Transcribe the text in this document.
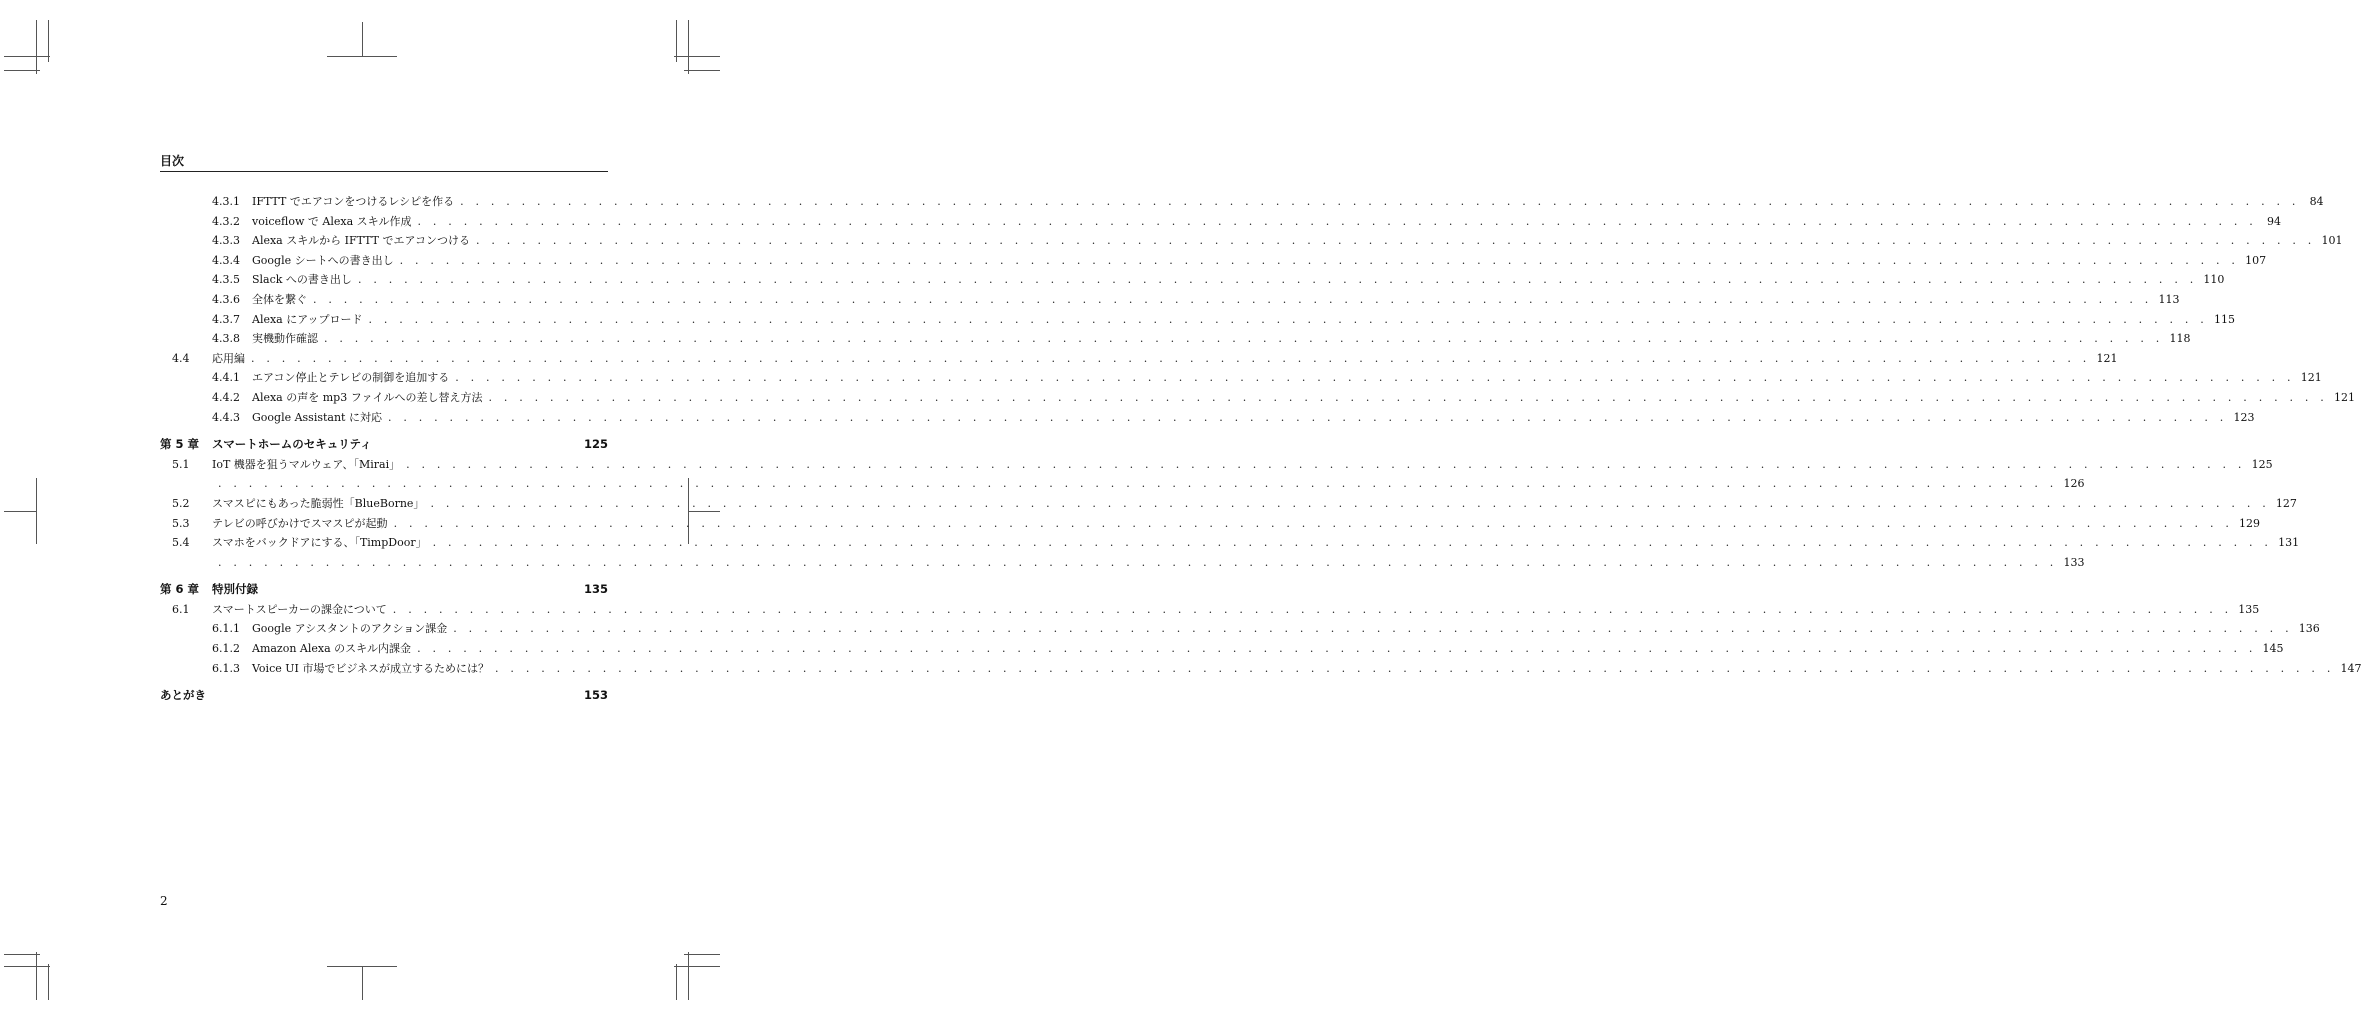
目次
4.3.1 IFTTT でエアコンをつけるレシピを作る . . . . . . . . . . . . . . . . . . . . . . . . . . . . . . . . . . . . . . . . . . . . . . . . . . . . . . . . . . . . . . . . . . . . . . . . . . . . . . . . . . . . . . . . . . . . . . . . . . . . . . . . . . . . . . . . . . . . . . . . 84
4.3.2 voiceflow で Alexa スキル作成 . . . . . . . . . . . . . . . . . . . . . . . . . . . . . . . . . . . . . . . . . . . . . . . . . . . . . . . . . . . . . . . . . . . . . . . . . . . . . . . . . . . . . . . . . . . . . . . . . . . . . . . . . . . . . . . . . . . . . . . . 94
4.3.3 Alexa スキルから IFTTT でエアコンつける . . . . . . . . . . . . . . . . . . . . . . . . . . . . . . . . . . . . . . . . . . . . . . . . . . . . . . . . . . . . . . . . . . . . . . . . . . . . . . . . . . . . . . . . . . . . . . . . . . . . . . . . . . . . . . . . . . . . . . . . 101
4.3.4 Google シートへの書き出し . . . . . . . . . . . . . . . . . . . . . . . . . . . . . . . . . . . . . . . . . . . . . . . . . . . . . . . . . . . . . . . . . . . . . . . . . . . . . . . . . . . . . . . . . . . . . . . . . . . . . . . . . . . . . . . . . . . . . . . . 107
4.3.5 Slack への書き出し . . . . . . . . . . . . . . . . . . . . . . . . . . . . . . . . . . . . . . . . . . . . . . . . . . . . . . . . . . . . . . . . . . . . . . . . . . . . . . . . . . . . . . . . . . . . . . . . . . . . . . . . . . . . . . . . . . . . . . . . 110
4.3.6 全体を繋ぐ . . . . . . . . . . . . . . . . . . . . . . . . . . . . . . . . . . . . . . . . . . . . . . . . . . . . . . . . . . . . . . . . . . . . . . . . . . . . . . . . . . . . . . . . . . . . . . . . . . . . . . . . . . . . . . . . . . . . . . . . 113
4.3.7 Alexa にアップロード . . . . . . . . . . . . . . . . . . . . . . . . . . . . . . . . . . . . . . . . . . . . . . . . . . . . . . . . . . . . . . . . . . . . . . . . . . . . . . . . . . . . . . . . . . . . . . . . . . . . . . . . . . . . . . . . . . . . . . . . 115
4.3.8 実機動作確認 . . . . . . . . . . . . . . . . . . . . . . . . . . . . . . . . . . . . . . . . . . . . . . . . . . . . . . . . . . . . . . . . . . . . . . . . . . . . . . . . . . . . . . . . . . . . . . . . . . . . . . . . . . . . . . . . . . . . . . . . 118
4.4 応用編 . . . . . . . . . . . . . . . . . . . . . . . . . . . . . . . . . . . . . . . . . . . . . . . . . . . . . . . . . . . . . . . . . . . . . . . . . . . . . . . . . . . . . . . . . . . . . . . . . . . . . . . . . . . . . . . . . . . . . . . . 121
4.4.1 エアコン停止とテレビの制御を追加する . . . . . . . . . . . . . . . . . . . . . . . . . . . . . . . . . . . . . . . . . . . . . . . . . . . . . . . . . . . . . . . . . . . . . . . . . . . . . . . . . . . . . . . . . . . . . . . . . . . . . . . . . . . . . . . . . . . . . . . . 121
4.4.2 Alexa の声を mp3 ファイルへの差し替え方法 . . . . . . . . . . . . . . . . . . . . . . . . . . . . . . . . . . . . . . . . . . . . . . . . . . . . . . . . . . . . . . . . . . . . . . . . . . . . . . . . . . . . . . . . . . . . . . . . . . . . . . . . . . . . . . . . . . . . . . . . 121
4.4.3 Google Assistant に対応 . . . . . . . . . . . . . . . . . . . . . . . . . . . . . . . . . . . . . . . . . . . . . . . . . . . . . . . . . . . . . . . . . . . . . . . . . . . . . . . . . . . . . . . . . . . . . . . . . . . . . . . . . . . . . . . . . . . . . . . . 123
第 5 章 スマートホームのセキュリティ	125
5.1 IoT 機器を狙うマルウェア、「Mirai」 . . . . . . . . . . . . . . . . . . . . . . . . . . . . . . . . . . . . . . . . . . . . . . . . . . . . . . . . . . . . . . . . . . . . . . . . . . . . . . . . . . . . . . . . . . . . . . . . . . . . . . . . . . . . . . . . . . . . . . . . 125
. . . . . . . . . . . . . . . . . . . . . . . . . . . . . . . . . . . . . . . . . . . . . . . . . . . . . . . . . . . . . . . . . . . . . . . . . . . . . . . . . . . . . . . . . . . . . . . . . . . . . . . . . . . . . . . . . . . . . . . . 126
5.2 スマスピにもあった脆弱性「BlueBorne」 . . . . . . . . . . . . . . . . . . . . . . . . . . . . . . . . . . . . . . . . . . . . . . . . . . . . . . . . . . . . . . . . . . . . . . . . . . . . . . . . . . . . . . . . . . . . . . . . . . . . . . . . . . . . . . . . . . . . . . . . 127
5.3 テレビの呼びかけでスマスピが起動 . . . . . . . . . . . . . . . . . . . . . . . . . . . . . . . . . . . . . . . . . . . . . . . . . . . . . . . . . . . . . . . . . . . . . . . . . . . . . . . . . . . . . . . . . . . . . . . . . . . . . . . . . . . . . . . . . . . . . . . . 129
5.4 スマホをバックドアにする、「TimpDoor」 . . . . . . . . . . . . . . . . . . . . . . . . . . . . . . . . . . . . . . . . . . . . . . . . . . . . . . . . . . . . . . . . . . . . . . . . . . . . . . . . . . . . . . . . . . . . . . . . . . . . . . . . . . . . . . . . . . . . . . . . 131
. . . . . . . . . . . . . . . . . . . . . . . . . . . . . . . . . . . . . . . . . . . . . . . . . . . . . . . . . . . . . . . . . . . . . . . . . . . . . . . . . . . . . . . . . . . . . . . . . . . . . . . . . . . . . . . . . . . . . . . . 133
第 6 章 特別付録	135
6.1 スマートスピーカーの課金について . . . . . . . . . . . . . . . . . . . . . . . . . . . . . . . . . . . . . . . . . . . . . . . . . . . . . . . . . . . . . . . . . . . . . . . . . . . . . . . . . . . . . . . . . . . . . . . . . . . . . . . . . . . . . . . . . . . . . . . . 135
6.1.1 Google アシスタントのアクション課金 . . . . . . . . . . . . . . . . . . . . . . . . . . . . . . . . . . . . . . . . . . . . . . . . . . . . . . . . . . . . . . . . . . . . . . . . . . . . . . . . . . . . . . . . . . . . . . . . . . . . . . . . . . . . . . . . . . . . . . . . 136
6.1.2 Amazon Alexa のスキル内課金 . . . . . . . . . . . . . . . . . . . . . . . . . . . . . . . . . . . . . . . . . . . . . . . . . . . . . . . . . . . . . . . . . . . . . . . . . . . . . . . . . . . . . . . . . . . . . . . . . . . . . . . . . . . . . . . . . . . . . . . . 145
6.1.3 Voice UI 市場でビジネスが成立するためには？ . . . . . . . . . . . . . . . . . . . . . . . . . . . . . . . . . . . . . . . . . . . . . . . . . . . . . . . . . . . . . . . . . . . . . . . . . . . . . . . . . . . . . . . . . . . . . . . . . . . . . . . . . . . . . . . . . . . . . . . . 147
あとがき	153
2
